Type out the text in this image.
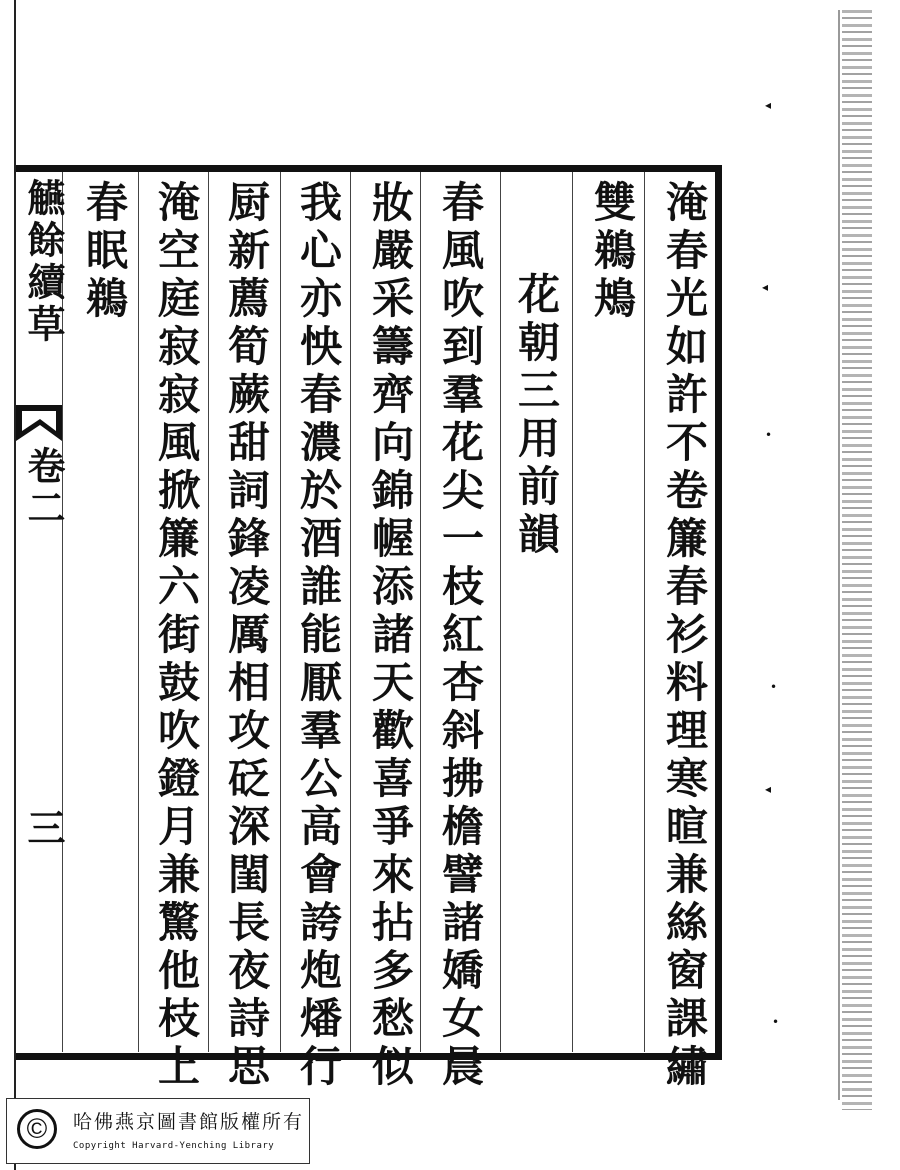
◂
◂
•
•
◂
•
觾餘續草
卷二
三	淹春光如許不卷簾春衫料理寒暄兼絲窗課繡
雙鵜鴂
花朝三用前韻
春風吹到羣花尖一枝紅杏斜拂檐譬諸嬌女晨
妝嚴采籌齊向錦幄添諸天歡喜爭來拈多愁似
我心亦怏春濃於酒誰能厭羣公高會誇炮燔行
厨新薦筍蕨甜詞鋒凌厲相攻砭深閨長夜詩思
淹空庭寂寂風掀簾六街鼓吹鐙月兼驚他枝上
春眠鵜
©	哈佛燕京圖書館版權所有
Copyright Harvard-Yenching Library
